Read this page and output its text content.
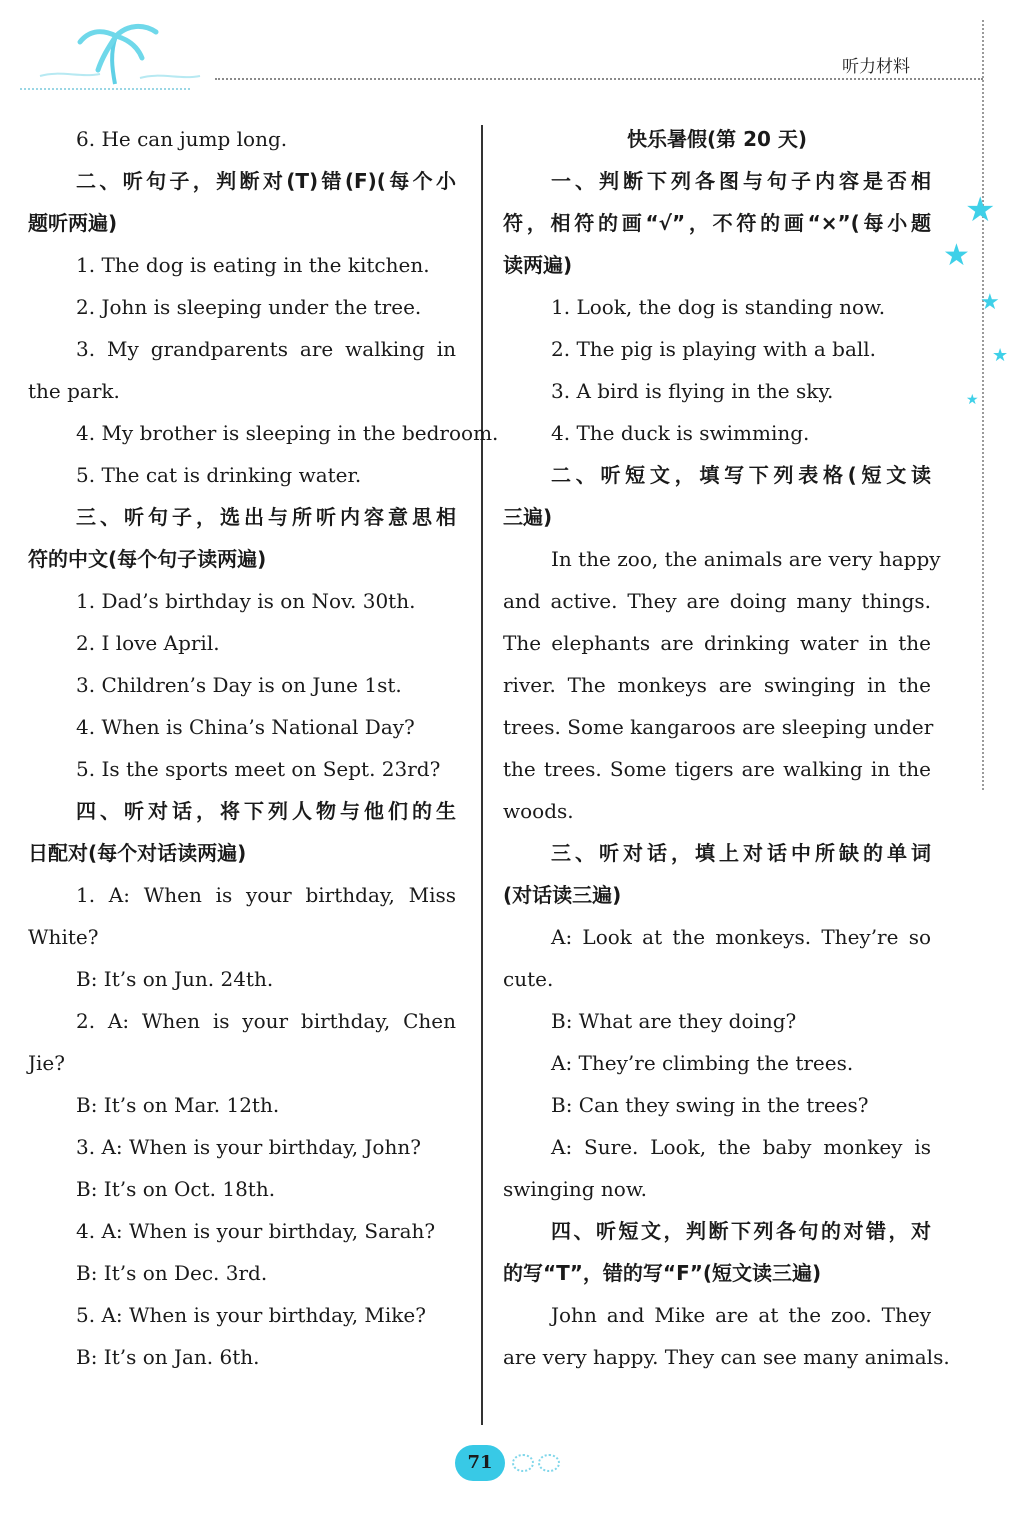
听力材料
★
★
★
★
★
6. He can jump long.
二、听句子，判断对(T)错(F)(每个小
题听两遍)
1. The dog is eating in the kitchen.
2. John is sleeping under the tree.
3. My grandparents are walking in
the park.
4. My brother is sleeping in the bedroom.
5. The cat is drinking water.
三、听句子，选出与所听内容意思相
符的中文(每个句子读两遍)
1. Dad’s birthday is on Nov. 30th.
2. I love April.
3. Children’s Day is on June 1st.
4. When is China’s National Day?
5. Is the sports meet on Sept. 23rd?
四、听对话，将下列人物与他们的生
日配对(每个对话读两遍)
1. A: When is your birthday, Miss
White?
B: It’s on Jun. 24th.
2. A: When is your birthday, Chen
Jie?
B: It’s on Mar. 12th.
3. A: When is your birthday, John?
B: It’s on Oct. 18th.
4. A: When is your birthday, Sarah?
B: It’s on Dec. 3rd.
5. A: When is your birthday, Mike?
B: It’s on Jan. 6th.
快乐暑假(第 20 天)
一、判断下列各图与句子内容是否相
符，相符的画“√”，不符的画“×”(每小题
读两遍)
1. Look, the dog is standing now.
2. The pig is playing with a ball.
3. A bird is flying in the sky.
4. The duck is swimming.
二、听短文，填写下列表格(短文读
三遍)
In the zoo, the animals are very happy
and active. They are doing many things.
The elephants are drinking water in the
river. The monkeys are swinging in the
trees. Some kangaroos are sleeping under
the trees. Some tigers are walking in the
woods.
三、听对话，填上对话中所缺的单词
(对话读三遍)
A: Look at the monkeys. They’re so
cute.
B: What are they doing?
A: They’re climbing the trees.
B: Can they swing in the trees?
A: Sure. Look, the baby monkey is
swinging now.
四、听短文，判断下列各句的对错，对
的写“T”，错的写“F”(短文读三遍)
John and Mike are at the zoo. They
are very happy. They can see many animals.
71
